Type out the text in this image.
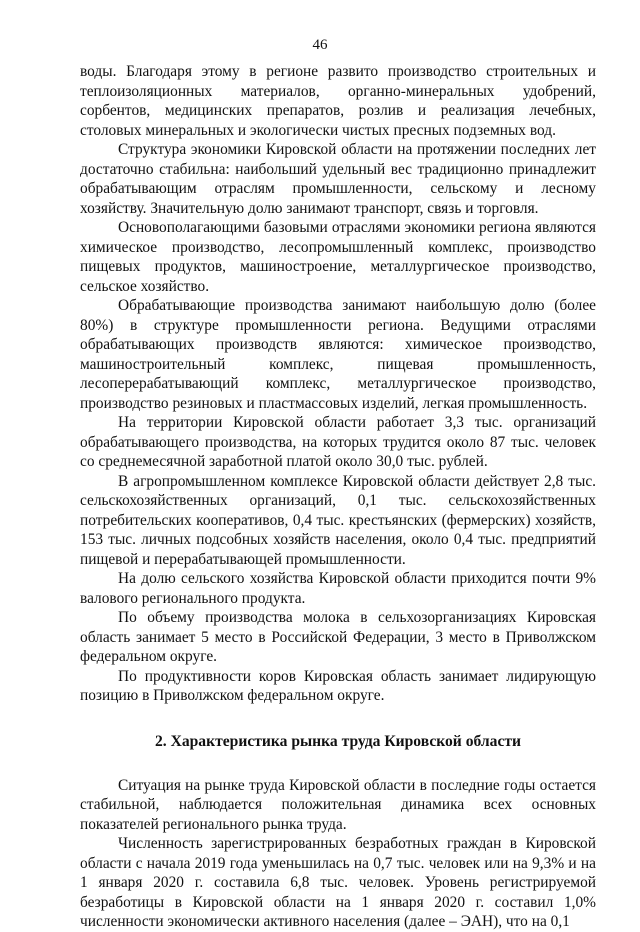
46

воды. Благодаря этому в регионе развито производство строительных и теплоизоляционных материалов, органно-минеральных удобрений, сорбентов, медицинских препаратов, розлив и реализация лечебных, столовых минеральных и экологически чистых пресных подземных вод.

Структура экономики Кировской области на протяжении последних лет достаточно стабильна: наибольший удельный вес традиционно принадлежит обрабатывающим отраслям промышленности, сельскому и лесному хозяйству. Значительную долю занимают транспорт, связь и торговля.

Основополагающими базовыми отраслями экономики региона являются химическое производство, лесопромышленный комплекс, производство пищевых продуктов, машиностроение, металлургическое производство, сельское хозяйство.

Обрабатывающие производства занимают наибольшую долю (более 80%) в структуре промышленности региона. Ведущими отраслями обрабатывающих производств являются: химическое производство, машиностроительный комплекс, пищевая промышленность, лесоперерабатывающий комплекс, металлургическое производство, производство резиновых и пластмассовых изделий, легкая промышленность.

На территории Кировской области работает 3,3 тыс. организаций обрабатывающего производства, на которых трудится около 87 тыс. человек со среднемесячной заработной платой около 30,0 тыс. рублей.

В агропромышленном комплексе Кировской области действует 2,8 тыс. сельскохозяйственных организаций, 0,1 тыс. сельскохозяйственных потребительских кооперативов, 0,4 тыс. крестьянских (фермерских) хозяйств, 153 тыс. личных подсобных хозяйств населения, около 0,4 тыс. предприятий пищевой и перерабатывающей промышленности.

На долю сельского хозяйства Кировской области приходится почти 9% валового регионального продукта.

По объему производства молока в сельхозорганизациях Кировская область занимает 5 место в Российской Федерации, 3 место в Приволжском федеральном округе.

По продуктивности коров Кировская область занимает лидирующую позицию в Приволжском федеральном округе.

2. Характеристика рынка труда Кировской области

Ситуация на рынке труда Кировской области в последние годы остается стабильной, наблюдается положительная динамика всех основных показателей регионального рынка труда.

Численность зарегистрированных безработных граждан в Кировской области с начала 2019 года уменьшилась на 0,7 тыс. человек или на 9,3% и на 1 января 2020 г. составила 6,8 тыс. человек. Уровень регистрируемой безработицы в Кировской области на 1 января 2020 г. составил 1,0% численности экономически активного населения (далее – ЭАН), что на 0,1
